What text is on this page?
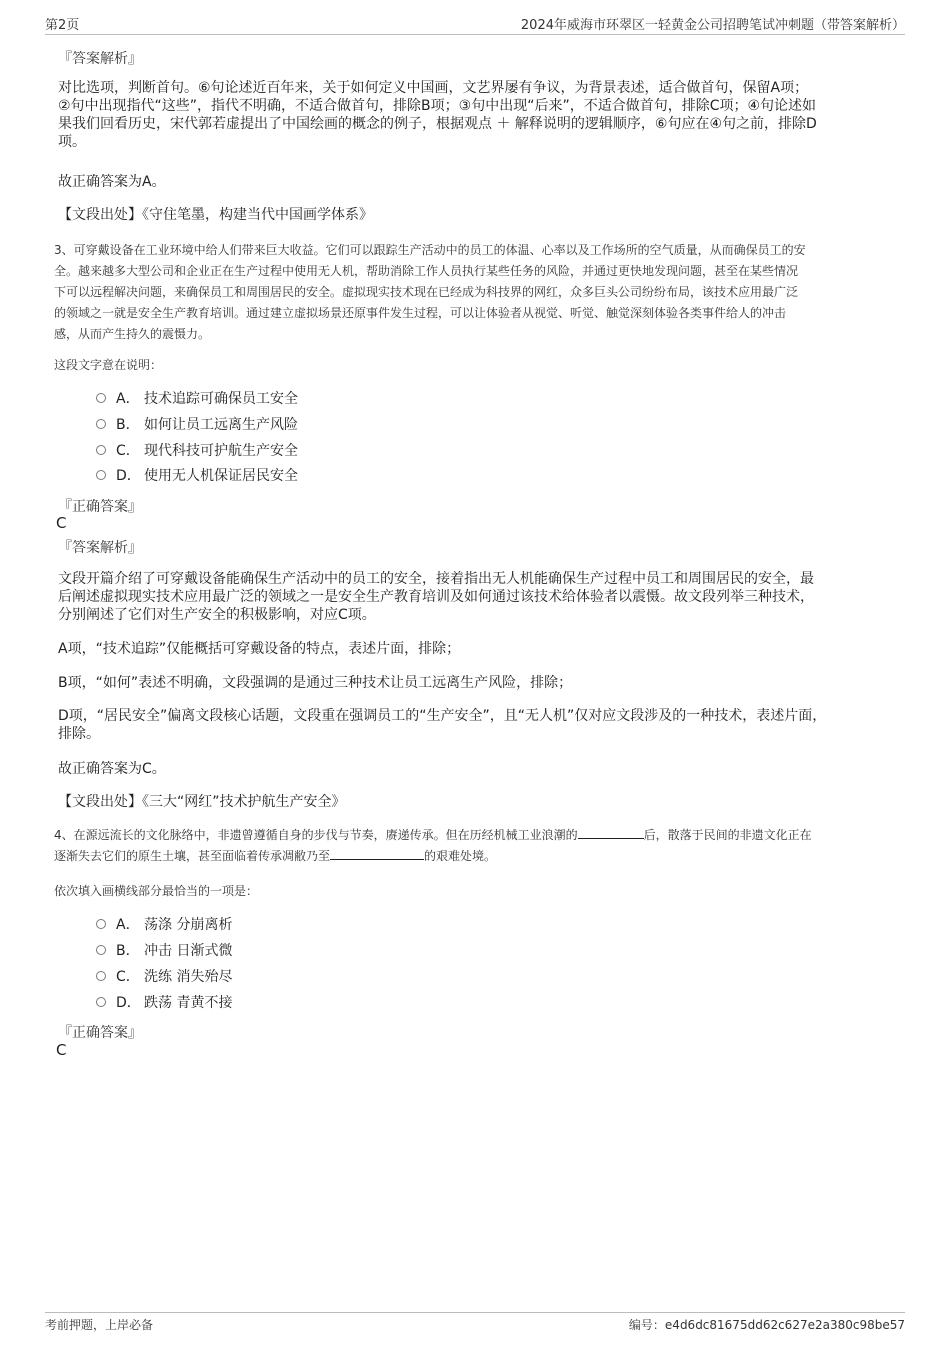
第2页	2024年威海市环翠区一轻黄金公司招聘笔试冲刺题（带答案解析）
『答案解析』

对比选项，判断首句。⑥句论述近百年来，关于如何定义中国画，文艺界屡有争议，为背景表述，适合做首句，保留A项；

②句中出现指代“这些”，指代不明确，不适合做首句，排除B项；③句中出现“后来”，不适合做首句，排除C项；④句论述如

果我们回看历史，宋代郭若虚提出了中国绘画的概念的例子，根据观点 ＋ 解释说明的逻辑顺序，⑥句应在④句之前，排除D

项。

故正确答案为A。
【文段出处】《守住笔墨，构建当代中国画学体系》
3、可穿戴设备在工业环境中给人们带来巨大收益。它们可以跟踪生产活动中的员工的体温、心率以及工作场所的空气质量，从而确保员工的安
全。越来越多大型公司和企业正在生产过程中使用无人机，帮助消除工作人员执行某些任务的风险，并通过更快地发现问题，甚至在某些情况
下可以远程解决问题，来确保员工和周围居民的安全。虚拟现实技术现在已经成为科技界的网红，众多巨头公司纷纷布局，该技术应用最广泛
的领域之一就是安全生产教育培训。通过建立虚拟场景还原事件发生过程，可以让体验者从视觉、听觉、触觉深刻体验各类事件给人的冲击
感，从而产生持久的震慑力。
这段文字意在说明：
A． 技术追踪可确保员工安全
B． 如何让员工远离生产风险
C． 现代科技可护航生产安全
D． 使用无人机保证居民安全
『正确答案』
C
『答案解析』

文段开篇介绍了可穿戴设备能确保生产活动中的员工的安全，接着指出无人机能确保生产过程中员工和周围居民的安全，最

后阐述虚拟现实技术应用最广泛的领域之一是安全生产教育培训及如何通过该技术给体验者以震慑。故文段列举三种技术，

分别阐述了它们对生产安全的积极影响，对应C项。

A项，“技术追踪”仅能概括可穿戴设备的特点，表述片面，排除；
B项，“如何”表述不明确，文段强调的是通过三种技术让员工远离生产风险，排除；

D项，“居民安全”偏离文段核心话题，文段重在强调员工的“生产安全”，且“无人机”仅对应文段涉及的一种技术，表述片面，

排除。

故正确答案为C。
【文段出处】《三大“网红”技术护航生产安全》
4、在源远流长的文化脉络中，非遗曾遵循自身的步伐与节奏，赓递传承。但在历经机械工业浪潮的	后，散落于民间的非遗文化正在
逐渐失去它们的原生土壤，甚至面临着传承凋敝乃至	的艰难处境。
依次填入画横线部分最恰当的一项是：
A． 荡涤 分崩离析
B． 冲击 日渐式微
C． 洗练 消失殆尽
D． 跌荡 青黄不接
『正确答案』
C
考前押题，上岸必备	编号：e4d6dc81675dd62c627e2a380c98be57
